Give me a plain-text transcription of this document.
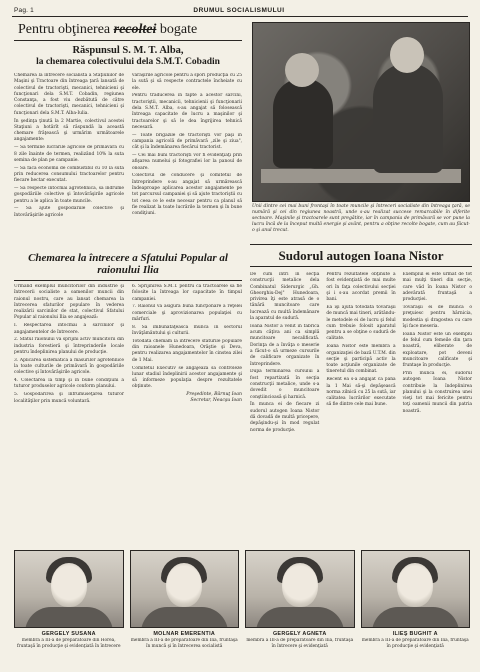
Pag. 1	DRUMUL SOCIALISMULUI
Pentru obţinerea recoltei bogate
Răspunsul S. M. T. Alba,
la chemarea colectivului dela S.M.T. Cobadin

Chemarea la întrecere socialistă a Staţiunilor de Maşini şi Tractoare din întreaga ţară lansată de colectivul de tractorişti, mecanici, tehnicieni şi funcţionari dela S.M.T. Cobadin, regiunea Constanţa, a fost viu dezbătută de către colectivul de tractorişti, mecanici, tehnicieni şi funcţionari dela S.M.T. Alba-Iulia.

În şedinţa ţinută la 2 Martie, colectivul acestei Staţiuni a hotărît să răspundă la această chemare frăţească şi urmărim următoarele angajamente:

— Să termine lucrările agricole de primăvară cu 8 zile înainte de termen, realizând 10% la suta semina de plan pe campanie.

— Să facă economii de combustibil cu 10 la sută prin reducerea consumului tractoarelor pentru fiecare hectar executat.

— Să respecte întocmai agrotehnica, să îndrume gospodăriile colective şi întovărăşirile agricole pentru a le aplica în toate muncile.

— Să ajute gospodăriile colective şi întovărăşirile agricole

vărăşirile agricole pentru a spori producţia cu 25 la sută şi să respecte contractele încheiate cu ele.

Pentru traducerea în fapte a acestor sarcini, tractoriştii, mecanicii, tehnicienii şi funcţionarii dela S.M.T. Alba, s-au angajat să folosească întreaga capacitate de lucru a maşinilor şi tractoarelor şi să le dea îngrijirea tehnică necesară.

— Toate brigăzile de tractorişti vor păşi în campania agricolă de primăvară „zile şi ziua", cât şi la îndemânarea fiecărui tractorist.

— Cei mai buni tractorişti vor fi evidenţiaţi prin afişarea numelui şi fotografiei lor la panoul de onoare.

Colectivul de conducere şi comitetul de întreprindere s-au angajat să urmărească îndeaproape aplicarea acestor angajamente pe tot parcursul campaniei şi să ajute tractoriştii cu tot ceea ce le este necesar pentru ca planul să fie realizat la toate lucrările la termen şi în bune condiţiuni.

Unii dintre cei mai buni frontaşi în toate muncile şi întreceri socialiste din întreaga ţară, se numără şi cei din regiunea noastră, unde s-au realizat succese remarcabile în diferite sectoare. Maşinile şi tractoarele sunt pregătite, iar în campania de primăvară se vor pune la lucru încă de la început multă energie şi avânt, pentru a obţine recolte bogate, cum au făcut-o şi anul trecut.

Chemarea la întrecere a Sfatului Popular al raionului Ilia

Urmând exemplul muncitorilor din industrie şi întrecerii socialiste a oamenilor muncii din raionul nostru, care au lansat chemarea la întrecerea sfaturilor populare în vederea realizării sarcinilor de stat, colectivul Sfatului Popular al raionului Ilia se angajează:

I. Respectarea întocmai a sarcinilor şi angajamentelor de întrecere.

2. Sfatul raionului va sprijini activ muncitorii din industria forestieră şi întreprinderile locale pentru îndeplinirea planului de producţie.

3. Aplicarea sistematică a măsurilor agrotehnice la toate culturile de primăvară în gospodăriile colective şi întovărăşirile agricole.

4. Colectarea la timp şi în bune condiţiuni a tuturor produselor agricole conform planului.

5. Gospodărirea şi înfrumuseţarea tuturor localităţilor prin muncă voluntară.

6. Sprijinirea S.M.T. pentru ca tractoarele să fie folosite la întreaga lor capacitate în timpul campaniei.

7. Raionul va asigura buna funcţionare a reţelei comerciale şi aprovizionarea populaţiei cu mărfuri.

8. Să îmbunătăţească munca în sectorul învăţământului şi culturii.

Totodată chemăm la întrecere sfaturile populare din raioanele Hunedoara, Orăştie şi Deva, pentru realizarea angajamentelor în cinstea zilei de 1 Mai.

Comitetul Executiv se angajează să controleze lunar stadiul îndeplinirii acestor angajamente şi să informeze populaţia despre rezultatele obţinute.

Preşedinte, Bărnuţ Ioan

Secretar, Neacşu Ioan

Sudorul autogen Ioana Nistor

De cum intri în secţia construcţii metalice dela Combinatul Siderurgic „Gh. Gheorghiu-Dej" Hunedoara, privirea îţi este atrasă de o tânără muncitoare care lucrează cu multă îndemânare la aparatul de sudură.

Ioana Nistor a venit în fabrică acum câţiva ani ca simplă muncitoare necalificată. Dorinţa de a învăţa o meserie a făcut-o să urmeze cursurile de calificare organizate în întreprindere.

După terminarea cursului a fost repartizată în secţia construcţii metalice, unde s-a dovedit o muncitoare conştiincioasă şi harnică.

În munca ei de fiecare zi sudorul autogen Ioana Nistor dă dovadă de multă pricepere, depăşindu-şi în mod regulat norma de producţie.

Pentru rezultatele obţinute a fost evidenţiată de mai multe ori în faţa colectivului secţiei şi i s-au acordat premii în bani.

Ea îşi ajută totodată tovarăşii de muncă mai tineri, arătându-le metodele ei de lucru şi felul cum trebuie folosit aparatul pentru a se obţine o sudură de calitate.

Ioana Nistor este membră a organizaţiei de bază U.T.M. din secţie şi participă activ la toate acţiunile organizate de tineretul din combinat.

Recent ea s-a angajat ca până la 1 Mai să-şi depăşească norma zilnică cu 25 la sută, iar calitatea lucrărilor executate să fie dintre cele mai bune.

Exemplul ei este urmat de tot mai mulţi tineri din secţie, care văd în Ioana Nistor o adevărată fruntaşă a producţiei.

Tovarăşii ei de muncă o preţuiesc pentru hărnicia, modestia şi dragostea cu care îşi face meseria.

Ioana Nistor este un exemplu de felul cum femeile din ţara noastră, eliberate de exploatare, pot deveni muncitoare calificate şi fruntaşe în producţie.

Prin munca ei, sudorul autogen Ioana Nistor contribuie la îndeplinirea planului şi la construirea unei vieţi tot mai fericite pentru toţi oamenii muncii din patria noastră.

GERGELY SUSANA
membră a III-a de preparatoare din Horea, fruntaşă în producţie şi evidenţiată în întrecere
MOLNAR EMERENTIA
membră a III-a de preparatoare din Ilia, fruntaşă în muncă şi în întrecerea socialistă
GERGELY AGNETA
membră a III-a de preparatoare din Ilia, fruntaşă în întrecere şi evidenţiată
ILIEŞ BUGHIT A
membră a III-a de preparatoare din Ilia, fruntaşă în producţie şi evidenţiată
